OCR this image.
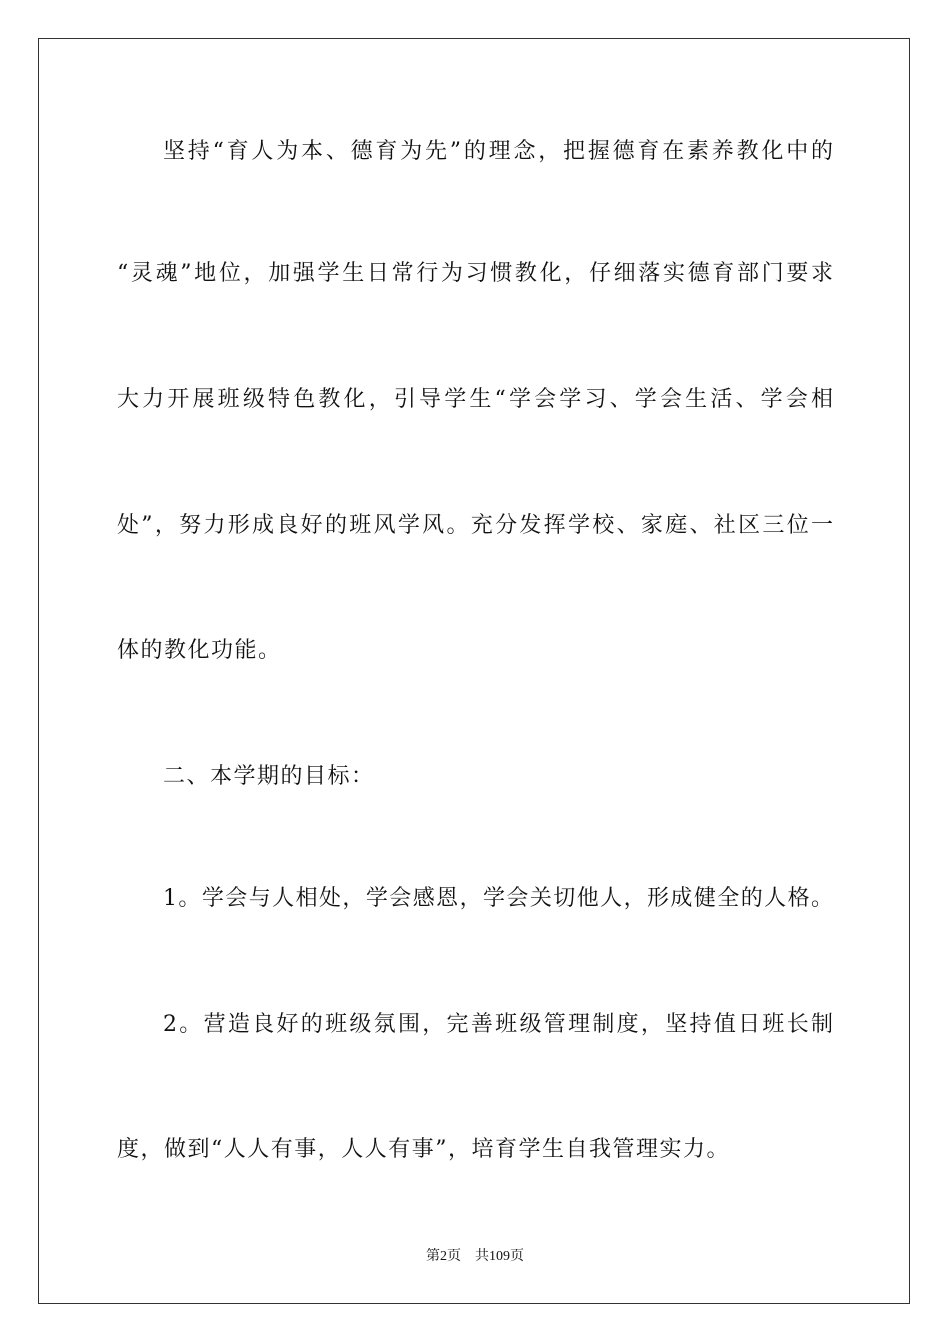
坚持“育人为本、德育为先”的理念，把握德育在素养教化中的
“灵魂”地位，加强学生日常行为习惯教化，仔细落实德育部门要求
大力开展班级特色教化，引导学生“学会学习、学会生活、学会相
处”，努力形成良好的班风学风。充分发挥学校、家庭、社区三位一
体的教化功能。
二、本学期的目标：
1。学会与人相处，学会感恩，学会关切他人，形成健全的人格。
2。营造良好的班级氛围，完善班级管理制度，坚持值日班长制
度，做到“人人有事，人人有事”，培育学生自我管理实力。
第2页 共109页
